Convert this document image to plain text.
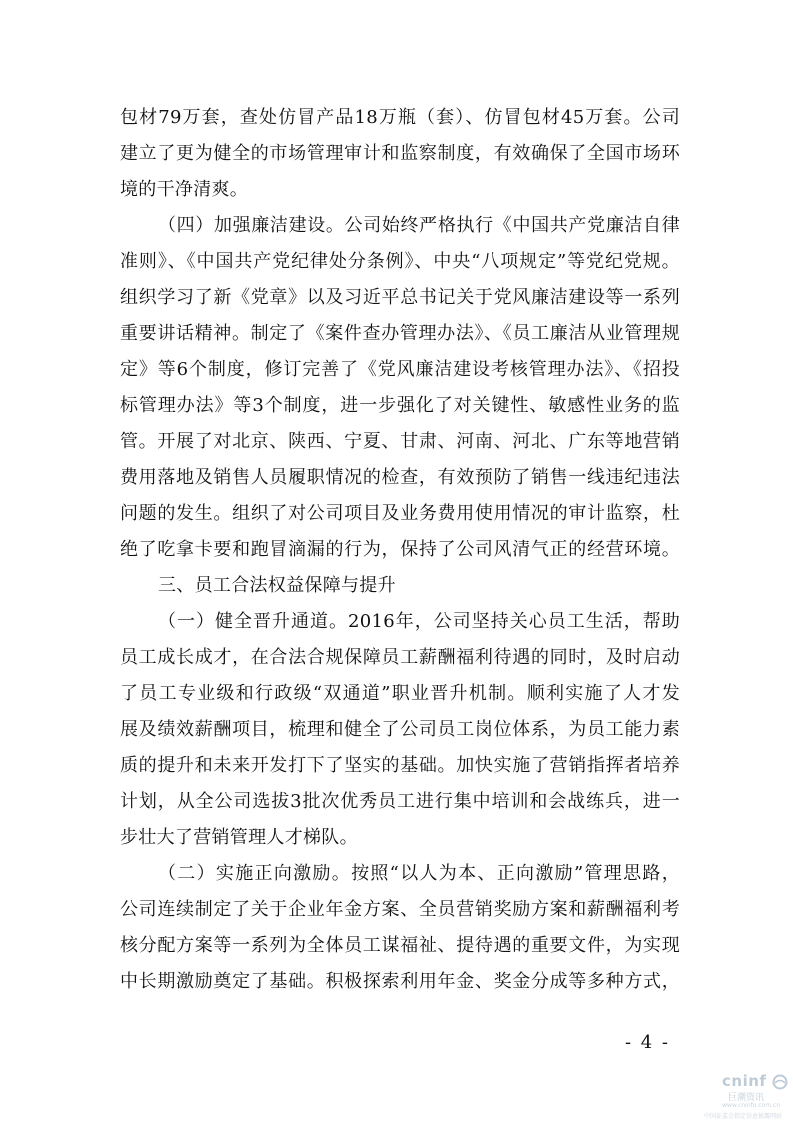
包材79万套，查处仿冒产品18万瓶（套）、仿冒包材45万套。公司
建立了更为健全的市场管理审计和监察制度，有效确保了全国市场环
境的干净清爽。
（四）加强廉洁建设。公司始终严格执行《中国共产党廉洁自律
准则》、《中国共产党纪律处分条例》、中央“八项规定”等党纪党规。
组织学习了新《党章》以及习近平总书记关于党风廉洁建设等一系列
重要讲话精神。制定了《案件查办管理办法》、《员工廉洁从业管理规
定》等6个制度，修订完善了《党风廉洁建设考核管理办法》、《招投
标管理办法》等3个制度，进一步强化了对关键性、敏感性业务的监
管。开展了对北京、陕西、宁夏、甘肃、河南、河北、广东等地营销
费用落地及销售人员履职情况的检查，有效预防了销售一线违纪违法
问题的发生。组织了对公司项目及业务费用使用情况的审计监察，杜
绝了吃拿卡要和跑冒滴漏的行为，保持了公司风清气正的经营环境。
三、员工合法权益保障与提升
（一）健全晋升通道。2016年，公司坚持关心员工生活，帮助
员工成长成才，在合法合规保障员工薪酬福利待遇的同时，及时启动
了员工专业级和行政级“双通道”职业晋升机制。顺利实施了人才发
展及绩效薪酬项目，梳理和健全了公司员工岗位体系，为员工能力素
质的提升和未来开发打下了坚实的基础。加快实施了营销指挥者培养
计划，从全公司选拔3批次优秀员工进行集中培训和会战练兵，进一
步壮大了营销管理人才梯队。
（二）实施正向激励。按照“以人为本、正向激励”管理思路，
公司连续制定了关于企业年金方案、全员营销奖励方案和薪酬福利考
核分配方案等一系列为全体员工谋福祉、提待遇的重要文件，为实现
中长期激励奠定了基础。积极探索利用年金、奖金分成等多种方式，
- 4 -
cninf
巨潮资讯
www.cninfo.com.cn
中国证监会指定信息披露网站
